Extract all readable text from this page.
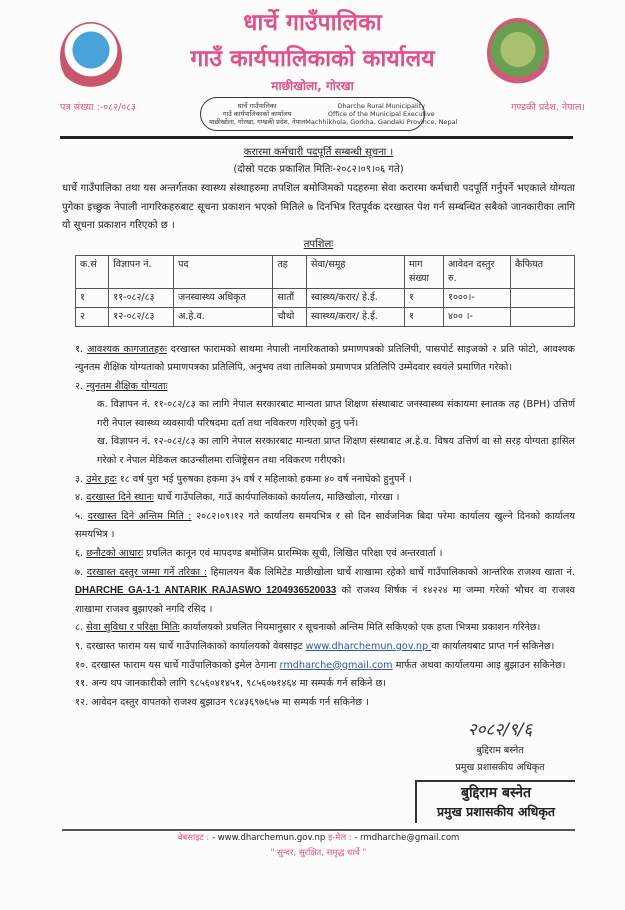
धार्चे गाउँपालिका
गाउँ कार्यपालिकाको कार्यालय
माछीखोला, गोरखा
पत्र संख्या :-०८२/०८३	गण्डकी प्रदेश, नेपाल।
धार्चे गाउँपालिका	Dharche Rural Municipality
गाउँ कार्यपालिकाको कार्यालय	Office of the Municipal Executive
माछीखोला, गोरखा, गण्डकी प्रदेश, नेपाल Machhikhola, Gorkha, Gandaki Province, Nepal
करारमा कर्मचारी पदपूर्ति सम्बन्धी सूचना ।
(दोस्रो पटक प्रकाशित मितिः-२०८२।०९।०६ गते)
धार्चे गाउँपालिका तथा यस अन्तर्गतका स्वास्थ्य संस्थाहरुमा तपशिल बमोजिमको पदहरुमा सेवा करारमा कर्मचारी पदपूर्ति गर्नुपर्ने भएकाले योग्यता पुगेका इच्छुक नेपाली नागरिकहरुबाट सूचना प्रकाशन भएको मितिले ७ दिनभित्र रितपूर्वक दरखास्त पेश गर्न सम्बन्धित सबैको जानकारीका लागि यो सूचना प्रकाशन गरिएको छ ।
तपशिलः
क.सं	विज्ञापन नं.	पद	तह	सेवा/समूह	माग संख्या	आवेदन दस्तुर रु.	कैफियत
१	११-०८२/८३	जनस्वास्थ्य अधिकृत	सातौं	स्वास्थ्य/करार/ हे.ई.	१	१०००।-	
२	१२-०८२/८३	अ.हे.व.	चौथो	स्वास्थ्य/करार/ हे.ई.	१	४०० ।-	

१. आवश्यक कागजातहरुः दरखास्त फारामको साथमा नेपाली नागरिकताको प्रमाणपत्रको प्रतिलिपी, पासपोर्ट साइजको २ प्रति फोटो, आवश्यक न्युनतम शैक्षिक योग्यताको प्रमाणपत्रका प्रतिलिपि, अनुभव तथा तालिमको प्रमाणपत्र प्रतिलिपि उम्मेदवार स्वयंले प्रमाणित गरेको।

२. न्युनतम शैक्षिक योग्यताः

क. विज्ञापन नं. ११-०८२/८३ का लागि नेपाल सरकारबाट मान्यता प्राप्त शिक्षण संस्थाबाट जनस्वास्थ्य संकायमा स्नातक तह (BPH) उत्तिर्ण गरी नेपाल स्वास्थ्य व्यवसायी परिषदमा दर्ता तथा नविकरण गरिएको हुनु पर्ने।

ख. विज्ञापन नं. १२-०८२/८३ का लागि नेपाल सरकारबाट मान्यता प्राप्त शिक्षण संस्थाबाट अ.हे.व. विषय उत्तिर्ण वा सो सरह योग्यता हासिल गरेको र नेपाल मेडिकल काउन्सीलमा राजिष्ट्रेसन तथा नविकरण गरीएको।

३. उमेर हदः १८ वर्ष पुरा भई पुरुषका हकमा ३५ वर्ष र महिलाको हकमा ४० वर्ष ननाघेको हुनुपर्ने ।

४. दरखास्त दिने स्थानः धार्चे गाउँपलिका, गाउँ कार्यपालिकाको कार्यालय, माछिखोला, गोरखा ।

५. दरखास्त दिने अन्तिम मिति : २०८२।०९।१२ गते कार्यालय समयभित्र र सो दिन सार्वजनिक बिदा परेमा कार्यालय खुल्ने दिनको कार्यालय समयभित्र ।

६. छनौटको आधारः प्रचलित कानून एवं मापदण्ड बमोजिम प्रारम्भिक सूची, लिखित परिक्षा एवं अन्तरवार्ता ।

७. दरखास्त दस्तुर जम्मा गर्ने तरिका : हिमालयन बैंक लिमिटेड माछीखोला धार्चे शाखामा रहेको धार्चे गाउँपालिकाको आन्तरिक राजश्व खाता नं. DHARCHE GA-1-1 ANTARIK RAJASWO 1204936520033 को राजश्व शिर्षक नं १४२२४ मा जम्मा गरेको भौचर वा राजश्व शाखामा राजश्व बुझाएको नगदि रसिद ।

८. सेवा सुविधा र परिक्षा मितिः कार्यालयको प्रचलित नियमानुसार र सूचनाको अन्तिम मिति सकिएको एक हप्ता भित्रमा प्रकाशन गरिनेछ।

९. दरखास्त फाराम यस धार्चे गाउँपालिकाको कार्यालयको वेवसाइट www.dharchemun.gov.np वा कार्यालयबाट प्राप्त गर्न सकिनेछ।

१०. दरखास्त फाराम यस धार्चे गाउँपालिकाको इमेल ठेगाना rmdharche@gmail.com मार्फत अथवा कार्यालयमा आइ बुझाउन सकिनेछ।

११. अन्य थप जानकारीको लागि ९८५६०४१४५१, ९८५६०७१४६४ मा सम्पर्क गर्न सकिने छ।

१२. आवेदन दस्तुर वापतको राजश्व बुझाउन ९८४३६९७६५७ मा सम्पर्क गर्न सकिनेछ ।

२०८२/९/६
बुद्दिराम बस्नेत
प्रमुख प्रशासकीय अधिकृत
बुद्दिराम बस्नेत
प्रमुख प्रशासकीय अधिकृत
वेबसाइट : - www.dharchemun.gov.np इ-मेल : - rmdharche@gmail.com
" सुन्दर, सुरक्षित, समृद्ध धार्चे "
